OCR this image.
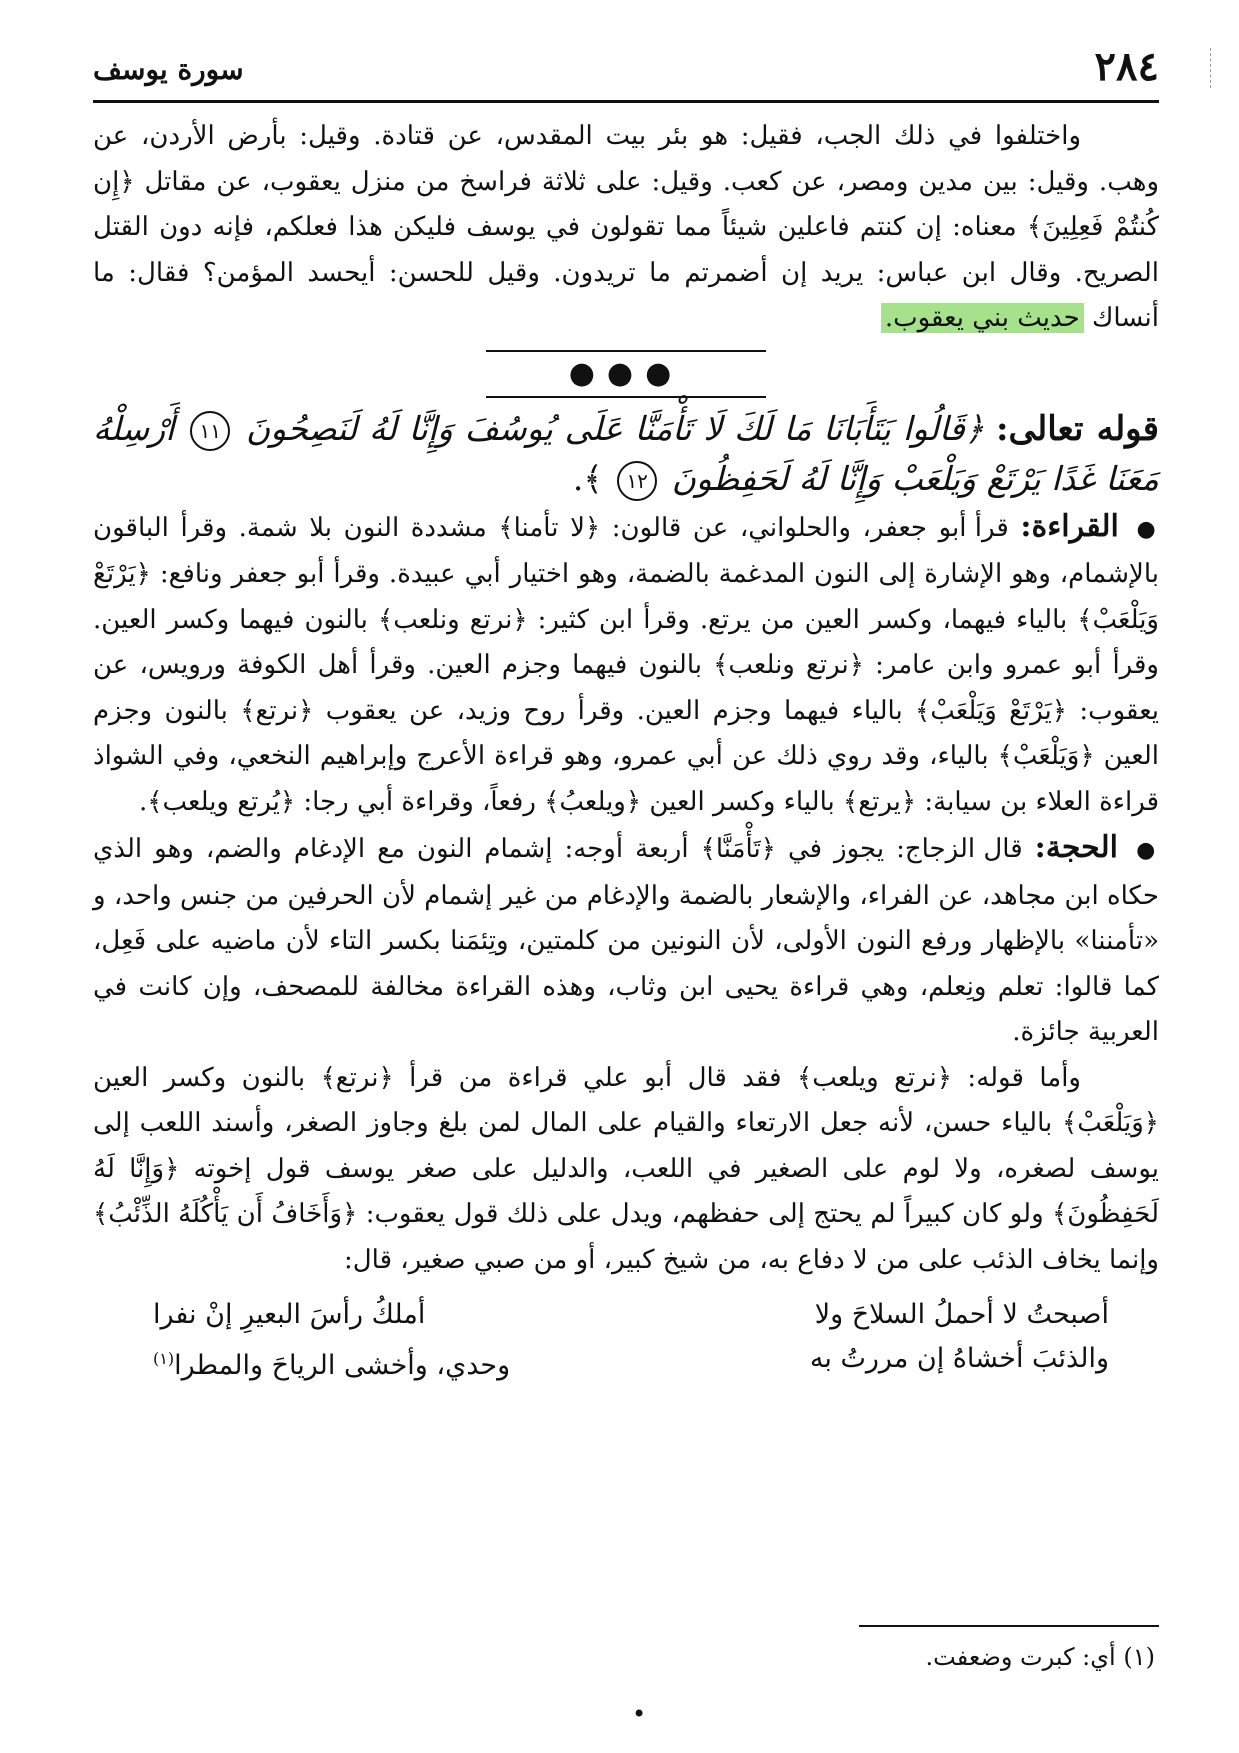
٢٨٤
سورة يوسف

واختلفوا في ذلك الجب، فقيل: هو بئر بيت المقدس، عن قتادة. وقيل: بأرض الأردن، عن وهب. وقيل: بين مدين ومصر، عن كعب. وقيل: على ثلاثة فراسخ من منزل يعقوب، عن مقاتل ﴿إِن كُنتُمْ فَعِلِينَ﴾ معناه: إن كنتم فاعلين شيئاً مما تقولون في يوسف فليكن هذا فعلكم، فإنه دون القتل الصريح. وقال ابن عباس: يريد إن أضمرتم ما تريدون. وقيل للحسن: أيحسد المؤمن؟ فقال: ما أنساك حديث بني يعقوب.

●●●

قوله تعالى: ﴿قَالُوا يَتَأَبَانَا مَا لَكَ لَا تَأْمَنَّا عَلَى يُوسُفَ وَإِنَّا لَهُ لَنَصِحُونَ ١١ أَرْسِلْهُ مَعَنَا غَدًا يَرْتَعْ وَيَلْعَبْ وَإِنَّا لَهُ لَحَفِظُونَ ١٢ ﴾.

● القراءة: قرأ أبو جعفر، والحلواني، عن قالون: ﴿لا تأمنا﴾ مشددة النون بلا شمة. وقرأ الباقون بالإشمام، وهو الإشارة إلى النون المدغمة بالضمة، وهو اختيار أبي عبيدة. وقرأ أبو جعفر ونافع: ﴿يَرْتَعْ وَيَلْعَبْ﴾ بالياء فيهما، وكسر العين من يرتع. وقرأ ابن كثير: ﴿نرتع ونلعب﴾ بالنون فيهما وكسر العين. وقرأ أبو عمرو وابن عامر: ﴿نرتع ونلعب﴾ بالنون فيهما وجزم العين. وقرأ أهل الكوفة ورويس، عن يعقوب: ﴿يَرْتَعْ وَيَلْعَبْ﴾ بالياء فيهما وجزم العين. وقرأ روح وزيد، عن يعقوب ﴿نرتع﴾ بالنون وجزم العين ﴿وَيَلْعَبْ﴾ بالياء، وقد روي ذلك عن أبي عمرو، وهو قراءة الأعرج وإبراهيم النخعي، وفي الشواذ قراءة العلاء بن سيابة: ﴿يرتع﴾ بالياء وكسر العين ﴿ويلعبُ﴾ رفعاً، وقراءة أبي رجا: ﴿يُرتع ويلعب﴾.

● الحجة: قال الزجاج: يجوز في ﴿تَأْمَنَّا﴾ أربعة أوجه: إشمام النون مع الإدغام والضم، وهو الذي حكاه ابن مجاهد، عن الفراء، والإشعار بالضمة والإدغام من غير إشمام لأن الحرفين من جنس واحد، و «تأمننا» بالإظهار ورفع النون الأولى، لأن النونين من كلمتين، وتِئمَنا بكسر التاء لأن ماضيه على فَعِل، كما قالوا: تعلم ونِعلم، وهي قراءة يحيى ابن وثاب، وهذه القراءة مخالفة للمصحف، وإن كانت في العربية جائزة.

وأما قوله: ﴿نرتع ويلعب﴾ فقد قال أبو علي قراءة من قرأ ﴿نرتع﴾ بالنون وكسر العين ﴿وَيَلْعَبْ﴾ بالياء حسن، لأنه جعل الارتعاء والقيام على المال لمن بلغ وجاوز الصغر، وأسند اللعب إلى يوسف لصغره، ولا لوم على الصغير في اللعب، والدليل على صغر يوسف قول إخوته ﴿وَإِنَّا لَهُ لَحَفِظُونَ﴾ ولو كان كبيراً لم يحتج إلى حفظهم، ويدل على ذلك قول يعقوب: ﴿وَأَخَافُ أَن يَأْكُلَهُ الذِّئْبُ﴾ وإنما يخاف الذئب على من لا دفاع به، من شيخ كبير، أو من صبي صغير، قال:

أصبحتُ لا أحملُ السلاحَ ولا
أملكُ رأسَ البعيرِ إنْ نفرا
والذئبَ أخشاهُ إن مررتُ به
وحدي، وأخشى الرياحَ والمطرا(١)
(١) أي: كبرت وضعفت.
•
